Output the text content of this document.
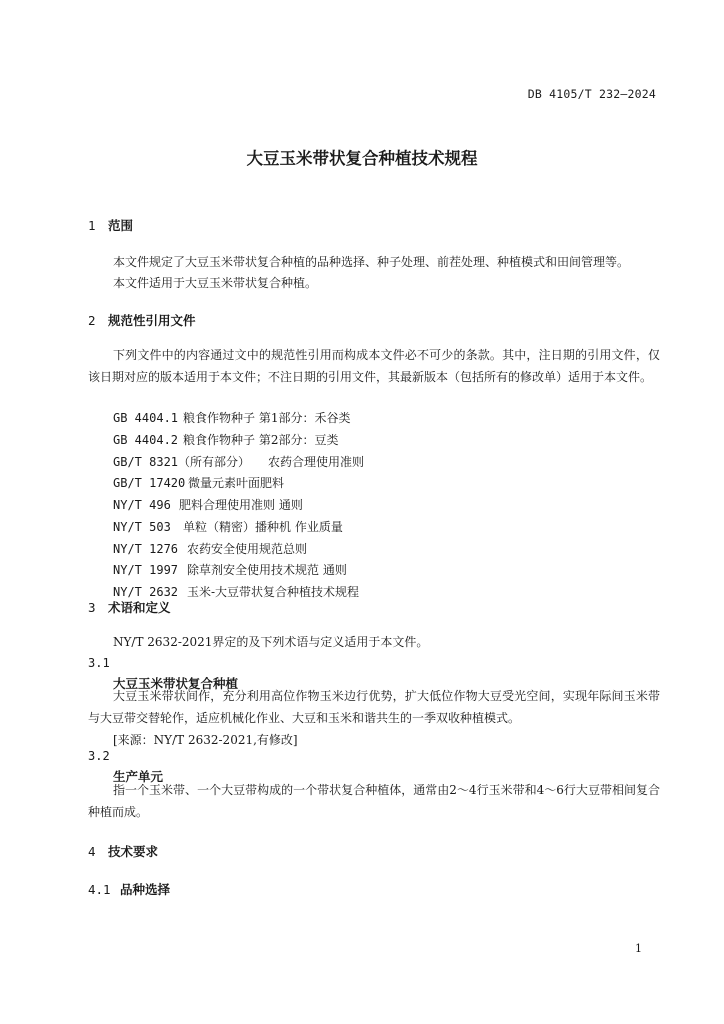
DB 4105/T 232—2024
大豆玉米带状复合种植技术规程
1 范围
本文件规定了大豆玉米带状复合种植的品种选择、种子处理、前茬处理、种植模式和田间管理等。
本文件适用于大豆玉米带状复合种植。
2 规范性引用文件
下列文件中的内容通过文中的规范性引用而构成本文件必不可少的条款。其中，注日期的引用文件，仅该日期对应的版本适用于本文件；不注日期的引用文件，其最新版本（包括所有的修改单）适用于本文件。
GB 4404.1 粮食作物种子 第1部分：禾谷类
GB 4404.2 粮食作物种子 第2部分：豆类
GB/T 8321（所有部分） 农药合理使用准则
GB/T 17420 微量元素叶面肥料
NY/T 496 肥料合理使用准则 通则
NY/T 503 单粒（精密）播种机 作业质量
NY/T 1276 农药安全使用规范总则
NY/T 1997 除草剂安全使用技术规范 通则
NY/T 2632 玉米-大豆带状复合种植技术规程
3 术语和定义
NY/T 2632-2021界定的及下列术语与定义适用于本文件。
3.1
大豆玉米带状复合种植
大豆玉米带状间作，充分利用高位作物玉米边行优势，扩大低位作物大豆受光空间，实现年际间玉米带与大豆带交替轮作，适应机械化作业、大豆和玉米和谐共生的一季双收种植模式。
[来源：NY/T 2632-2021,有修改]
3.2
生产单元
指一个玉米带、一个大豆带构成的一个带状复合种植体，通常由2～4行玉米带和4～6行大豆带相间复合种植而成。
4 技术要求
4.1 品种选择
1
